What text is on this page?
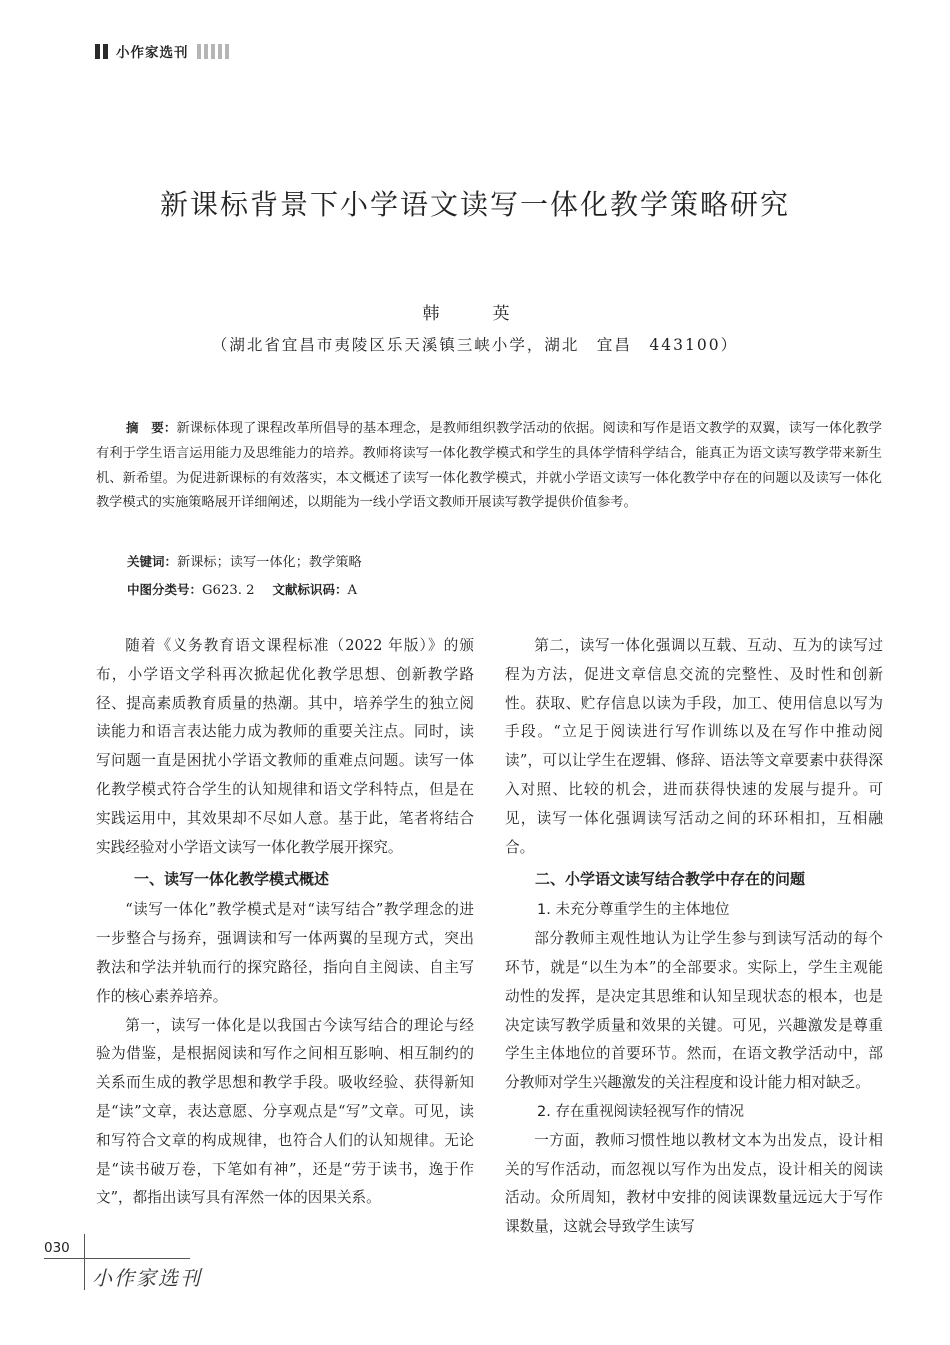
小作家选刊
新课标背景下小学语文读写一体化教学策略研究
韩　英
（湖北省宜昌市夷陵区乐天溪镇三峡小学，湖北　宜昌　443100）
摘　要：新课标体现了课程改革所倡导的基本理念，是教师组织教学活动的依据。阅读和写作是语文教学的双翼，读写一体化教学有利于学生语言运用能力及思维能力的培养。教师将读写一体化教学模式和学生的具体学情科学结合，能真正为语文读写教学带来新生机、新希望。为促进新课标的有效落实，本文概述了读写一体化教学模式，并就小学语文读写一体化教学中存在的问题以及读写一体化教学模式的实施策略展开详细阐述，以期能为一线小学语文教师开展读写教学提供价值参考。
关键词：新课标；读写一体化；教学策略
中图分类号：G623. 2 文献标识码：A

随着《义务教育语文课程标准（2022 年版）》的颁布，小学语文学科再次掀起优化教学思想、创新教学路径、提高素质教育质量的热潮。其中，培养学生的独立阅读能力和语言表达能力成为教师的重要关注点。同时，读写问题一直是困扰小学语文教师的重难点问题。读写一体化教学模式符合学生的认知规律和语文学科特点，但是在实践运用中，其效果却不尽如人意。基于此，笔者将结合实践经验对小学语文读写一体化教学展开探究。

一、读写一体化教学模式概述

“读写一体化”教学模式是对“读写结合”教学理念的进一步整合与扬弃，强调读和写一体两翼的呈现方式，突出教法和学法并轨而行的探究路径，指向自主阅读、自主写作的核心素养培养。

第一，读写一体化是以我国古今读写结合的理论与经验为借鉴，是根据阅读和写作之间相互影响、相互制约的关系而生成的教学思想和教学手段。吸收经验、获得新知是“读”文章，表达意愿、分享观点是“写”文章。可见，读和写符合文章的构成规律，也符合人们的认知规律。无论是“读书破万卷，下笔如有神”，还是“劳于读书，逸于作文”，都指出读写具有浑然一体的因果关系。

第二，读写一体化强调以互载、互动、互为的读写过程为方法，促进文章信息交流的完整性、及时性和创新性。获取、贮存信息以读为手段，加工、使用信息以写为手段。“立足于阅读进行写作训练以及在写作中推动阅读”，可以让学生在逻辑、修辞、语法等文章要素中获得深入对照、比较的机会，进而获得快速的发展与提升。可见，读写一体化强调读写活动之间的环环相扣，互相融合。

二、小学语文读写结合教学中存在的问题

1. 未充分尊重学生的主体地位

部分教师主观性地认为让学生参与到读写活动的每个环节，就是“以生为本”的全部要求。实际上，学生主观能动性的发挥，是决定其思维和认知呈现状态的根本，也是决定读写教学质量和效果的关键。可见，兴趣激发是尊重学生主体地位的首要环节。然而，在语文教学活动中，部分教师对学生兴趣激发的关注程度和设计能力相对缺乏。

2. 存在重视阅读轻视写作的情况

一方面，教师习惯性地以教材文本为出发点，设计相关的写作活动，而忽视以写作为出发点，设计相关的阅读活动。众所周知，教材中安排的阅读课数量远远大于写作课数量，这就会导致学生读写

030
小作家选刊
